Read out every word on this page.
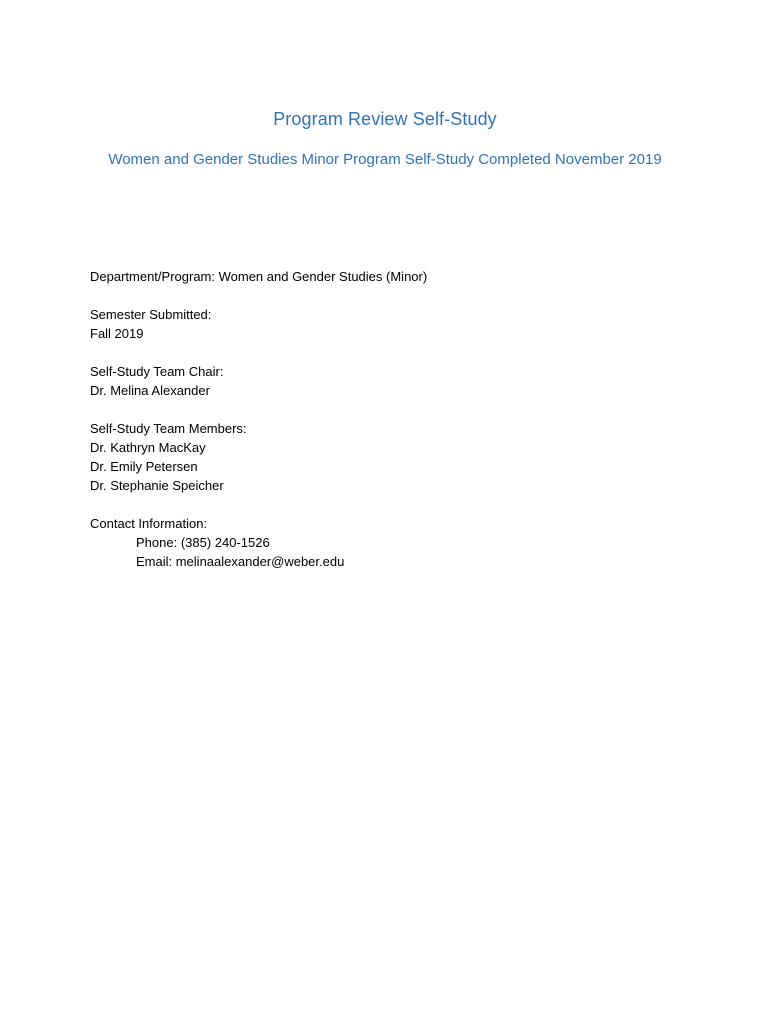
Program Review Self-Study
Women and Gender Studies Minor Program Self-Study Completed November 2019
Department/Program: Women and Gender Studies (Minor)
Semester Submitted:
Fall 2019
Self-Study Team Chair:
Dr. Melina Alexander
Self-Study Team Members:
Dr. Kathryn MacKay
Dr. Emily Petersen
Dr. Stephanie Speicher
Contact Information:
Phone: (385) 240-1526
Email: melinaalexander@weber.edu
